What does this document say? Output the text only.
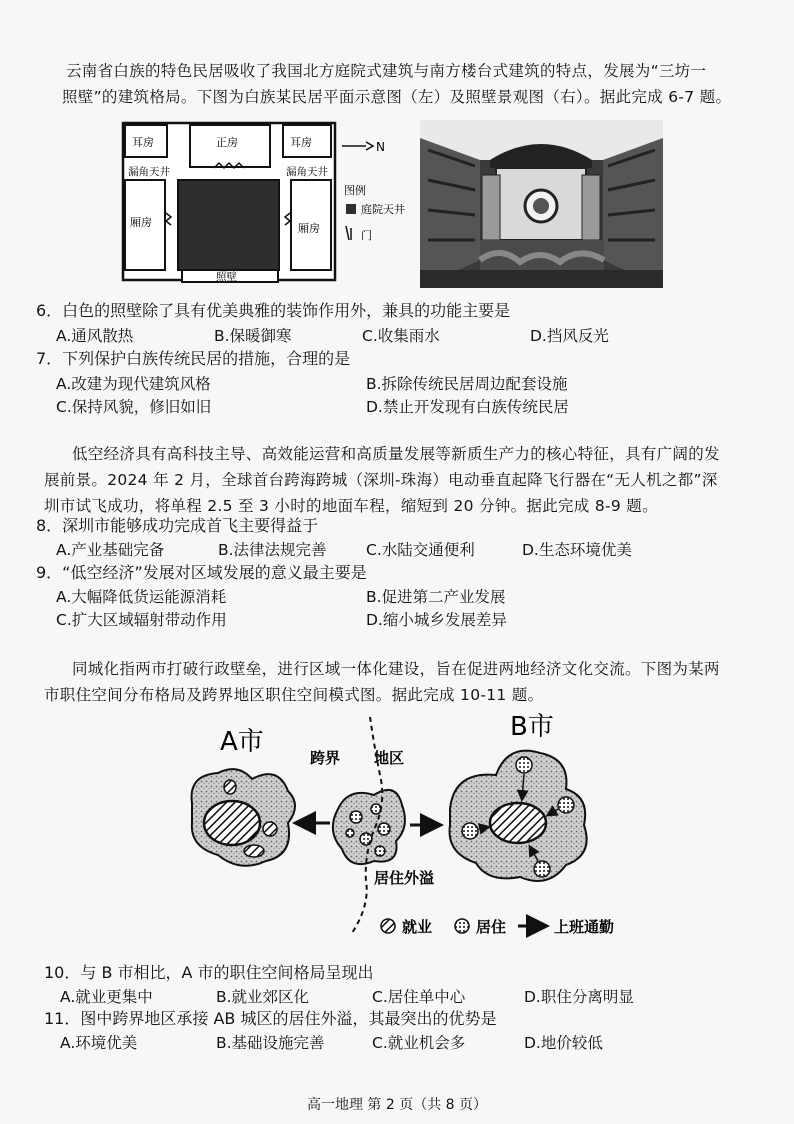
云南省白族的特色民居吸收了我国北方庭院式建筑与南方楼台式建筑的特点，发展为“三坊一
照壁”的建筑格局。下图为白族某民居平面示意图（左）及照壁景观图（右）。据此完成 6-7 题。
N
耳房	正房	耳房
漏角天井	漏角天井
厢房	厢房
照壁
图例
庭院天井
门
6．白色的照壁除了具有优美典雅的装饰作用外，兼具的功能主要是
A.通风散热	B.保暖御寒	C.收集雨水	D.挡风反光
7．下列保护白族传统民居的措施，合理的是
A.改建为现代建筑风格	B.拆除传统民居周边配套设施
C.保持风貌，修旧如旧	D.禁止开发现有白族传统民居
低空经济具有高科技主导、高效能运营和高质量发展等新质生产力的核心特征，具有广阔的发
展前景。2024 年 2 月，全球首台跨海跨城（深圳-珠海）电动垂直起降飞行器在“无人机之都”深
圳市试飞成功，将单程 2.5 至 3 小时的地面车程，缩短到 20 分钟。据此完成 8-9 题。
8．深圳市能够成功完成首飞主要得益于
A.产业基础完备	B.法律法规完善	C.水陆交通便利	D.生态环境优美
9．“低空经济”发展对区域发展的意义最主要是
A.大幅降低货运能源消耗	B.促进第二产业发展
C.扩大区域辐射带动作用	D.缩小城乡发展差异
同城化指两市打破行政壁垒，进行区域一体化建设，旨在促进两地经济文化交流。下图为某两
市职住空间分布格局及跨界地区职住空间模式图。据此完成 10-11 题。
A市	B市
跨界 地区
居住外溢
就业	居住	上班通勤
10．与 B 市相比，A 市的职住空间格局呈现出
A.就业更集中	B.就业郊区化	C.居住单中心	D.职住分离明显
11．图中跨界地区承接 AB 城区的居住外溢，其最突出的优势是
A.环境优美	B.基础设施完善	C.就业机会多	D.地价较低
高一地理 第 2 页（共 8 页）
